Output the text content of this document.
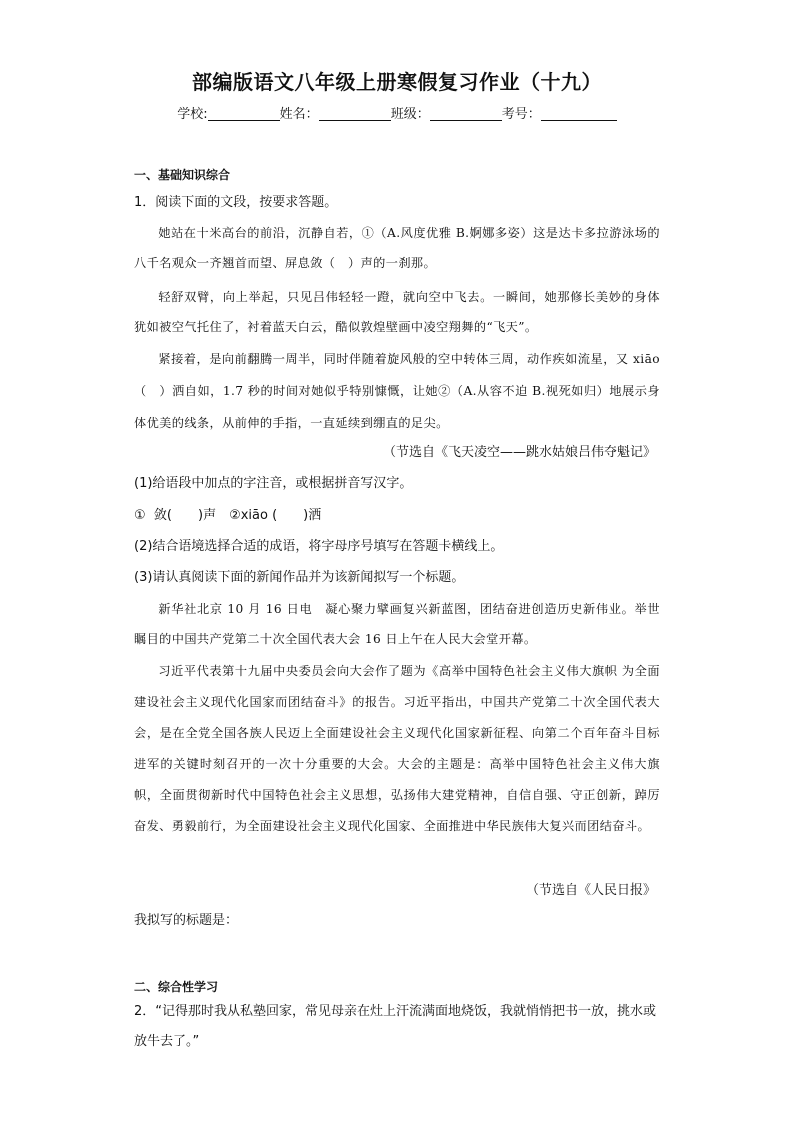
部编版语文八年级上册寒假复习作业（十九）
学校:	姓名：	班级：	考号：
一、基础知识综合
1．阅读下面的文段，按要求答题。
她站在十米高台的前沿，沉静自若，①（A.风度优雅 B.婀娜多姿）这是达卡多拉游泳场的八千名观众一齐翘首而望、屏息敛（　）声的一刹那。
轻舒双臂，向上举起，只见吕伟轻轻一蹬，就向空中飞去。一瞬间，她那修长美妙的身体犹如被空气托住了，衬着蓝天白云，酷似敦煌壁画中凌空翔舞的“飞天”。
紧接着，是向前翻腾一周半，同时伴随着旋风般的空中转体三周，动作疾如流星，又 xiāo　（　）洒自如，1.7 秒的时间对她似乎特别慷慨，让她②（A.从容不迫 B.视死如归）地展示身体优美的线条，从前伸的手指，一直延续到绷直的足尖。
（节选自《飞天凌空——跳水姑娘吕伟夺魁记》
(1)给语段中加点的字注音，或根据拼音写汉字。
①  敛(　　)声　②xiāo (　　)洒
(2)结合语境选择合适的成语，将字母序号填写在答题卡横线上。
(3)请认真阅读下面的新闻作品并为该新闻拟写一个标题。
新华社北京 10 月 16 日电　凝心聚力擘画复兴新蓝图，团结奋进创造历史新伟业。举世瞩目的中国共产党第二十次全国代表大会 16 日上午在人民大会堂开幕。
习近平代表第十九届中央委员会向大会作了题为《高举中国特色社会主义伟大旗帜 为全面建设社会主义现代化国家而团结奋斗》的报告。习近平指出，中国共产党第二十次全国代表大会，是在全党全国各族人民迈上全面建设社会主义现代化国家新征程、向第二个百年奋斗目标进军的关键时刻召开的一次十分重要的大会。大会的主题是：高举中国特色社会主义伟大旗帜，全面贯彻新时代中国特色社会主义思想，弘扬伟大建党精神，自信自强、守正创新，踔厉奋发、勇毅前行，为全面建设社会主义现代化国家、全面推进中华民族伟大复兴而团结奋斗。
（节选自《人民日报》
我拟写的标题是：
二、综合性学习
2．“记得那时我从私塾回家，常见母亲在灶上汗流满面地烧饭，我就悄悄把书一放，挑水或放牛去了。”
